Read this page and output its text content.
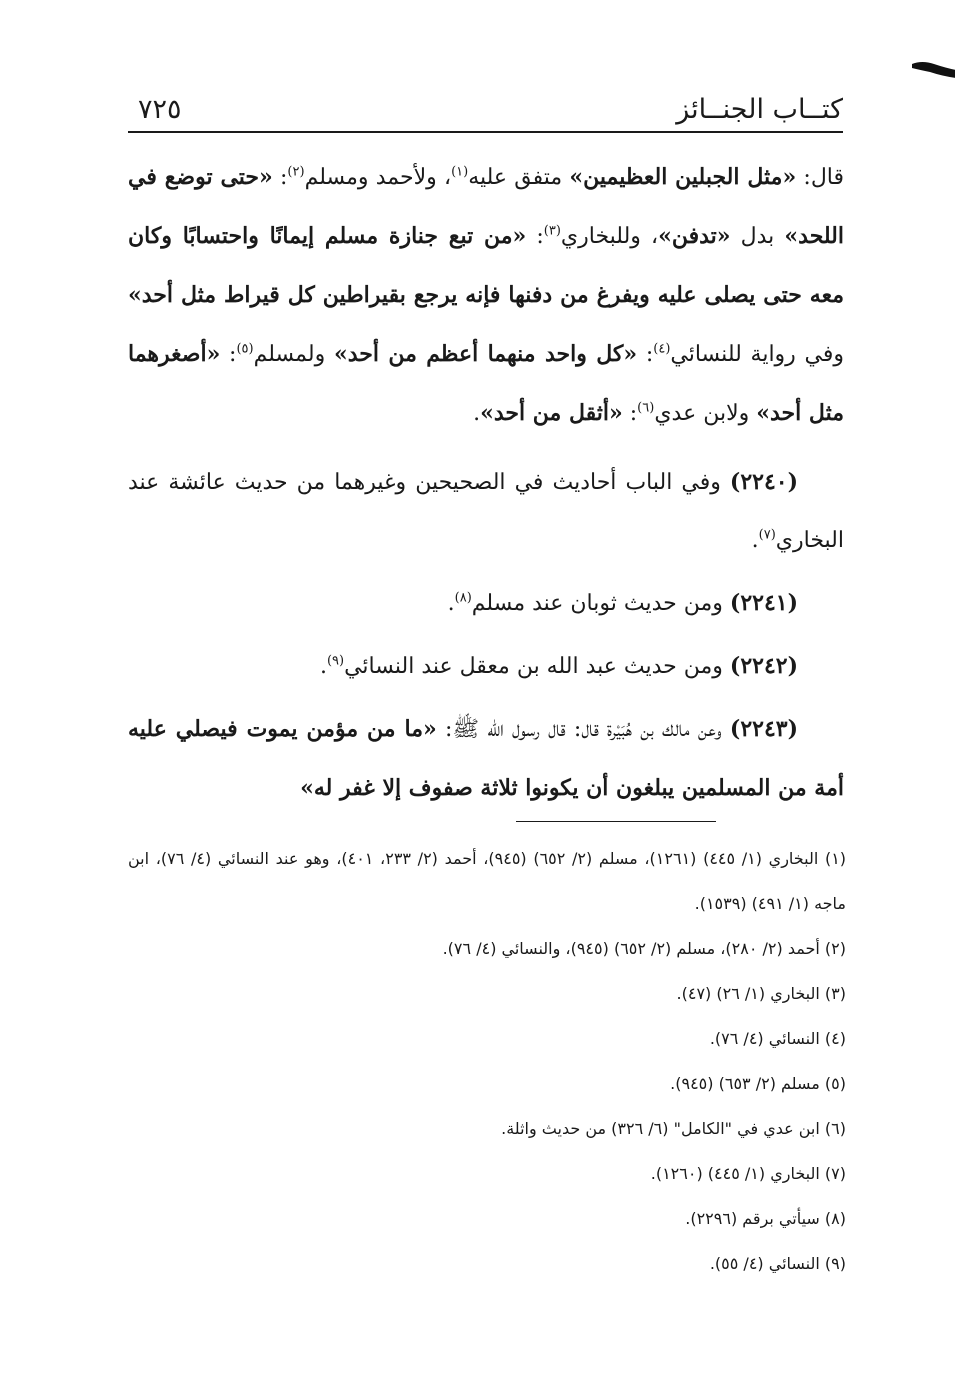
كتــاب الجنــائز
٧٢٥

قال: «مثل الجبلين العظيمين» متفق عليه$^{(١)}$، ولأحمد ومسلم$^{(٢)}$: «حتى توضع في اللحد» بدل «تدفن»، وللبخاري$^{(٣)}$: «من تبع جنازة مسلم إيمانًا واحتسابًا وكان معه حتى يصلى عليه ويفرغ من دفنها فإنه يرجع بقيراطين كل قيراط مثل أحد» وفي رواية للنسائي$^{(٤)}$: «كل واحد منهما أعظم من أحد» ولمسلم$^{(٥)}$: «أصغرهما مثل أحد» ولابن عدي$^{(٦)}$: «أثقل من أحد».

(٢٢٤٠) وفي الباب أحاديث في الصحيحين وغيرهما من حديث عائشة عند البخاري$^{(٧)}$.

(٢٢٤١) ومن حديث ثوبان عند مسلم$^{(٨)}$.

(٢٢٤٢) ومن حديث عبد الله بن معقل عند النسائي$^{(٩)}$.

(٢٢٤٣) وعن مالك بن هُبَيْرة قال: قال رسول الله ﷺ: «ما من مؤمن يموت فيصلي عليه أمة من المسلمين يبلغون أن يكونوا ثلاثة صفوف إلا غفر له»

(١) البخاري (١/ ٤٤٥) (١٢٦١)، مسلم (٢/ ٦٥٢) (٩٤٥)، أحمد (٢/ ٢٣٣، ٤٠١)، وهو عند النسائي (٤/ ٧٦)، ابن ماجه (١/ ٤٩١) (١٥٣٩).

(٢) أحمد (٢/ ٢٨٠)، مسلم (٢/ ٦٥٢) (٩٤٥)، والنسائي (٤/ ٧٦).

(٣) البخاري (١/ ٢٦) (٤٧).

(٤) النسائي (٤/ ٧٦).

(٥) مسلم (٢/ ٦٥٣) (٩٤٥).

(٦) ابن عدي في "الكامل" (٦/ ٣٢٦) من حديث واثلة.

(٧) البخاري (١/ ٤٤٥) (١٢٦٠).

(٨) سيأتي برقم (٢٢٩٦).

(٩) النسائي (٤/ ٥٥).
